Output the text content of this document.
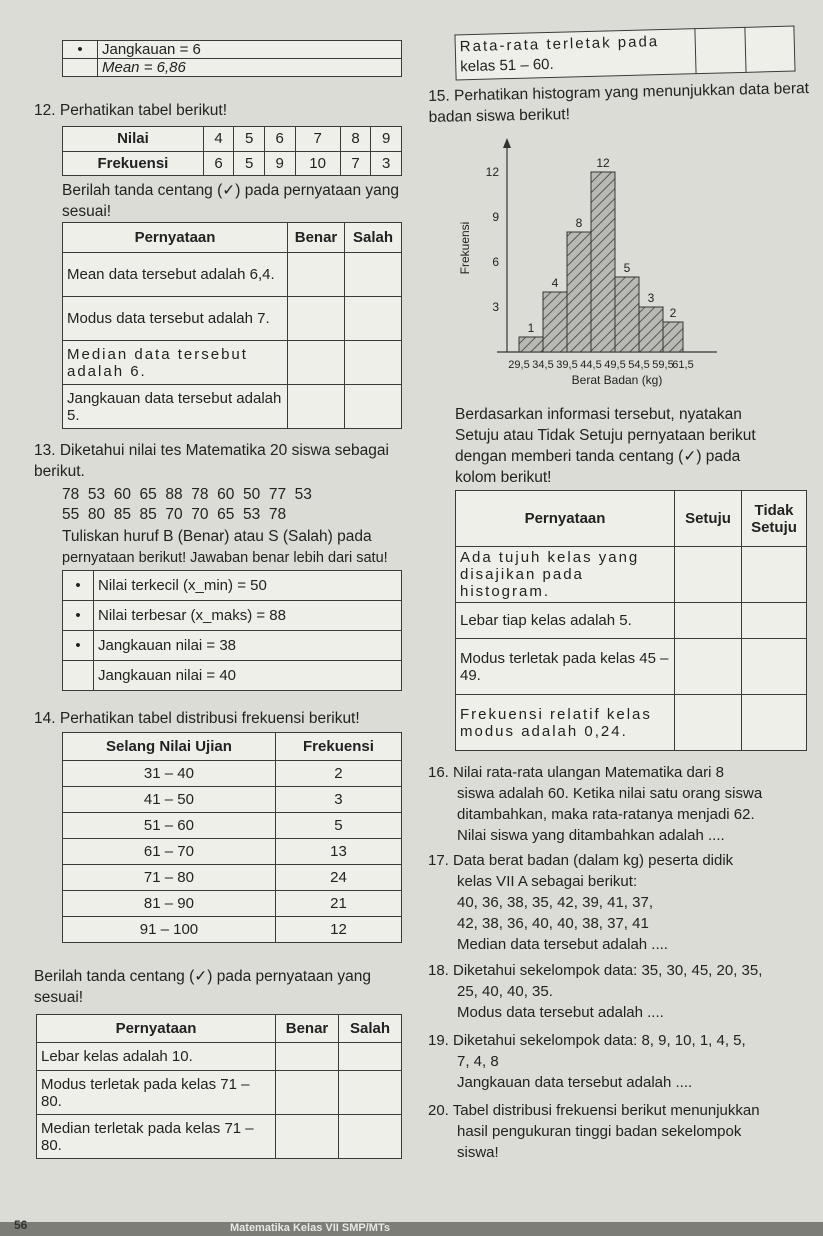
•	Jangkauan = 6
	Mean = 6,86
Rata-rata terletak pada
kelas 51 – 60.

12. Perhatikan tabel berikut!
Nilai	4	5	6	7	8	9
Frekuensi	6	5	9	10	7	3
Berilah tanda centang (✓) pada pernyataan yang sesuai!
Pernyataan	Benar	Salah
Mean data tersebut adalah 6,4.		
Modus data tersebut adalah 7.		
Median data tersebut adalah 6.		
Jangkauan data tersebut adalah 5.		
13. Diketahui nilai tes Matematika 20 siswa sebagai berikut.
78  53  60  65  88  78  60  50  77  53
55  80  85  85  70  70  65  53  78
Tuliskan huruf B (Benar) atau S (Salah) pada
pernyataan berikut! Jawaban benar lebih dari satu!
•	Nilai terkecil (x_min) = 50
•	Nilai terbesar (x_maks) = 88
•	Jangkauan nilai = 38
	Jangkauan nilai = 40
14. Perhatikan tabel distribusi frekuensi berikut!
Selang Nilai Ujian	Frekuensi
31 – 40	2
41 – 50	3
51 – 60	5
61 – 70	13
71 – 80	24
81 – 90	21
91 – 100	12
Berilah tanda centang (✓) pada pernyataan yang sesuai!
Pernyataan	Benar	Salah
Lebar kelas adalah 10.		
Modus terletak pada kelas 71 – 80.		
Median terletak pada kelas 71 – 80.		
15. Perhatikan histogram yang menunjukkan data berat badan siswa berikut!
Frekuensi
3
6
9
12
1
4
8
12
5
3
2
29,5 34,5 39,5 44,5 49,5 54,5 59,5
61,5
Berat Badan (kg)
Berdasarkan informasi tersebut, nyatakan
Setuju atau Tidak Setuju pernyataan berikut
dengan memberi tanda centang (✓) pada
kolom berikut!
Pernyataan	Setuju	Tidak Setuju
Ada tujuh kelas yang disajikan pada histogram.		
Lebar tiap kelas adalah 5.		
Modus terletak pada kelas 45 – 49.		
Frekuensi relatif kelas modus adalah 0,24.		
16. Nilai rata-rata ulangan Matematika dari 8
siswa adalah 60. Ketika nilai satu orang siswa
ditambahkan, maka rata-ratanya menjadi 62.
Nilai siswa yang ditambahkan adalah ....
17. Data berat badan (dalam kg) peserta didik
kelas VII A sebagai berikut:
40, 36, 38, 35, 42, 39, 41, 37,
42, 38, 36, 40, 40, 38, 37, 41
Median data tersebut adalah ....
18. Diketahui sekelompok data: 35, 30, 45, 20, 35,
25, 40, 40, 35.
Modus data tersebut adalah ....
19. Diketahui sekelompok data: 8, 9, 10, 1, 4, 5,
7, 4, 8
Jangkauan data tersebut adalah ....
20. Tabel distribusi frekuensi berikut menunjukkan
hasil pengukuran tinggi badan sekelompok
siswa!
56	Matematika Kelas VII SMP/MTs
